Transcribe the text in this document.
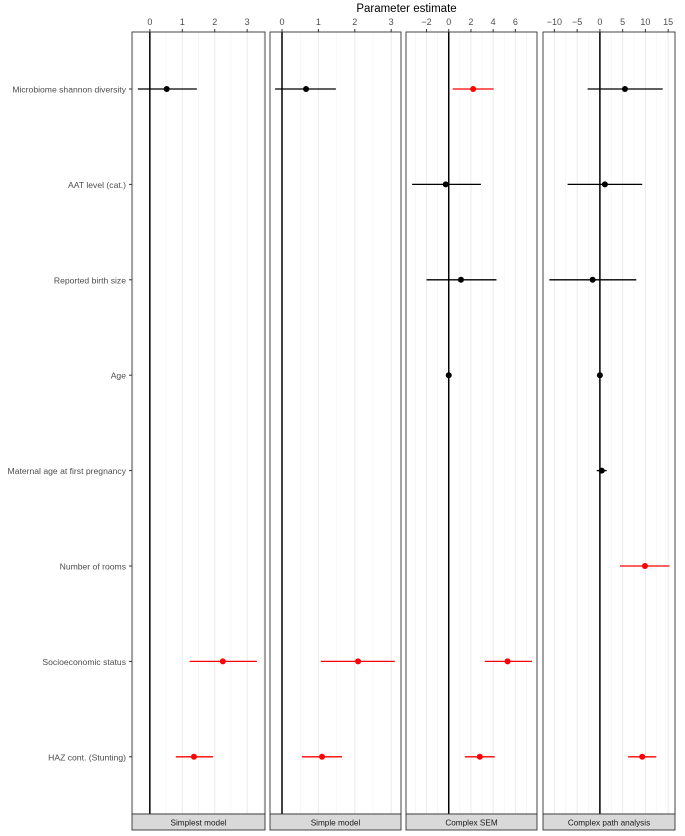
Parameter estimate
Microbiome shannon diversity
AAT level (cat.)
Reported birth size
Age
Maternal age at first pregnancy
Number of rooms
Socioeconomic status
HAZ cont. (Stunting)
0	1	2	3
Simplest model
0	1	2	3
Simple model
−2 0 2 4 6
Complex SEM
−10 −5 0 5 10 15
Complex path analysis
